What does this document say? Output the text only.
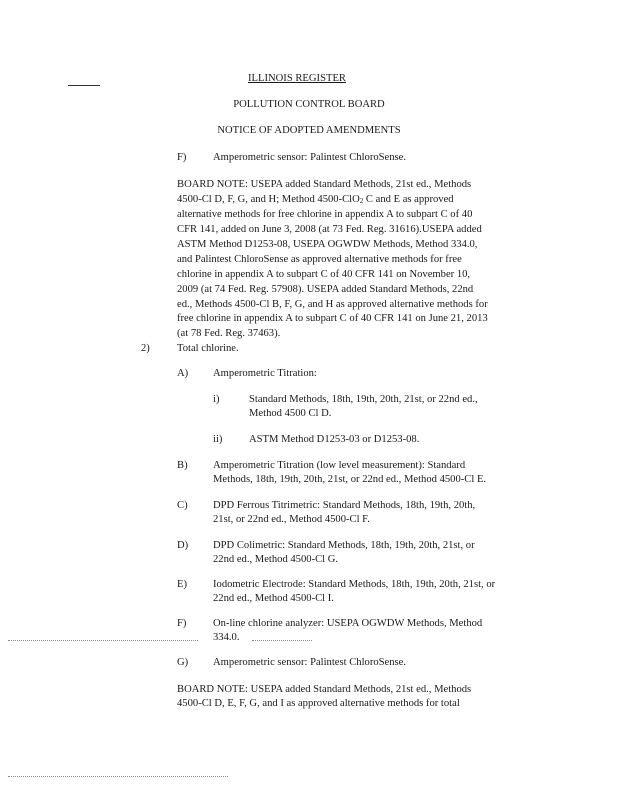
ILLINOIS REGISTER
POLLUTION CONTROL BOARD
NOTICE OF ADOPTED AMENDMENTS
F)	Amperometric sensor: Palintest ChloroSense.
BOARD NOTE: USEPA added Standard Methods, 21st ed., Methods
4500-Cl D, F, G, and H; Method 4500-ClO2 C and E as approved
alternative methods for free chlorine in appendix A to subpart C of 40
CFR 141, added on June 3, 2008 (at 73 Fed. Reg. 31616).USEPA added
ASTM Method D1253-08, USEPA OGWDW Methods, Method 334.0,
and Palintest ChloroSense as approved alternative methods for free
chlorine in appendix A to subpart C of 40 CFR 141 on November 10,
2009 (at 74 Fed. Reg. 57908). USEPA added Standard Methods, 22nd
ed., Methods 4500-Cl B, F, G, and H as approved alternative methods for
free chlorine in appendix A to subpart C of 40 CFR 141 on June 21, 2013
(at 78 Fed. Reg. 37463).
2)	Total chlorine.
A) Amperometric Titration:
i)	Standard Methods, 18th, 19th, 20th, 21st, or 22nd ed.,
Method 4500 Cl D.
ii)	ASTM Method D1253-03 or D1253-08.
B) Amperometric Titration (low level measurement): Standard
Methods, 18th, 19th, 20th, 21st, or 22nd ed., Method 4500-Cl E.
C) DPD Ferrous Titrimetric: Standard Methods, 18th, 19th, 20th,
21st, or 22nd ed., Method 4500-Cl F.
D) DPD Colimetric: Standard Methods, 18th, 19th, 20th, 21st, or
22nd ed., Method 4500-Cl G.
E) Iodometric Electrode: Standard Methods, 18th, 19th, 20th, 21st, or
22nd ed., Method 4500-Cl I.
F)	On-line chlorine analyzer: USEPA OGWDW Methods, Method
334.0.
G) Amperometric sensor: Palintest ChloroSense.
BOARD NOTE: USEPA added Standard Methods, 21st ed., Methods
4500-Cl D, E, F, G, and I as approved alternative methods for total
